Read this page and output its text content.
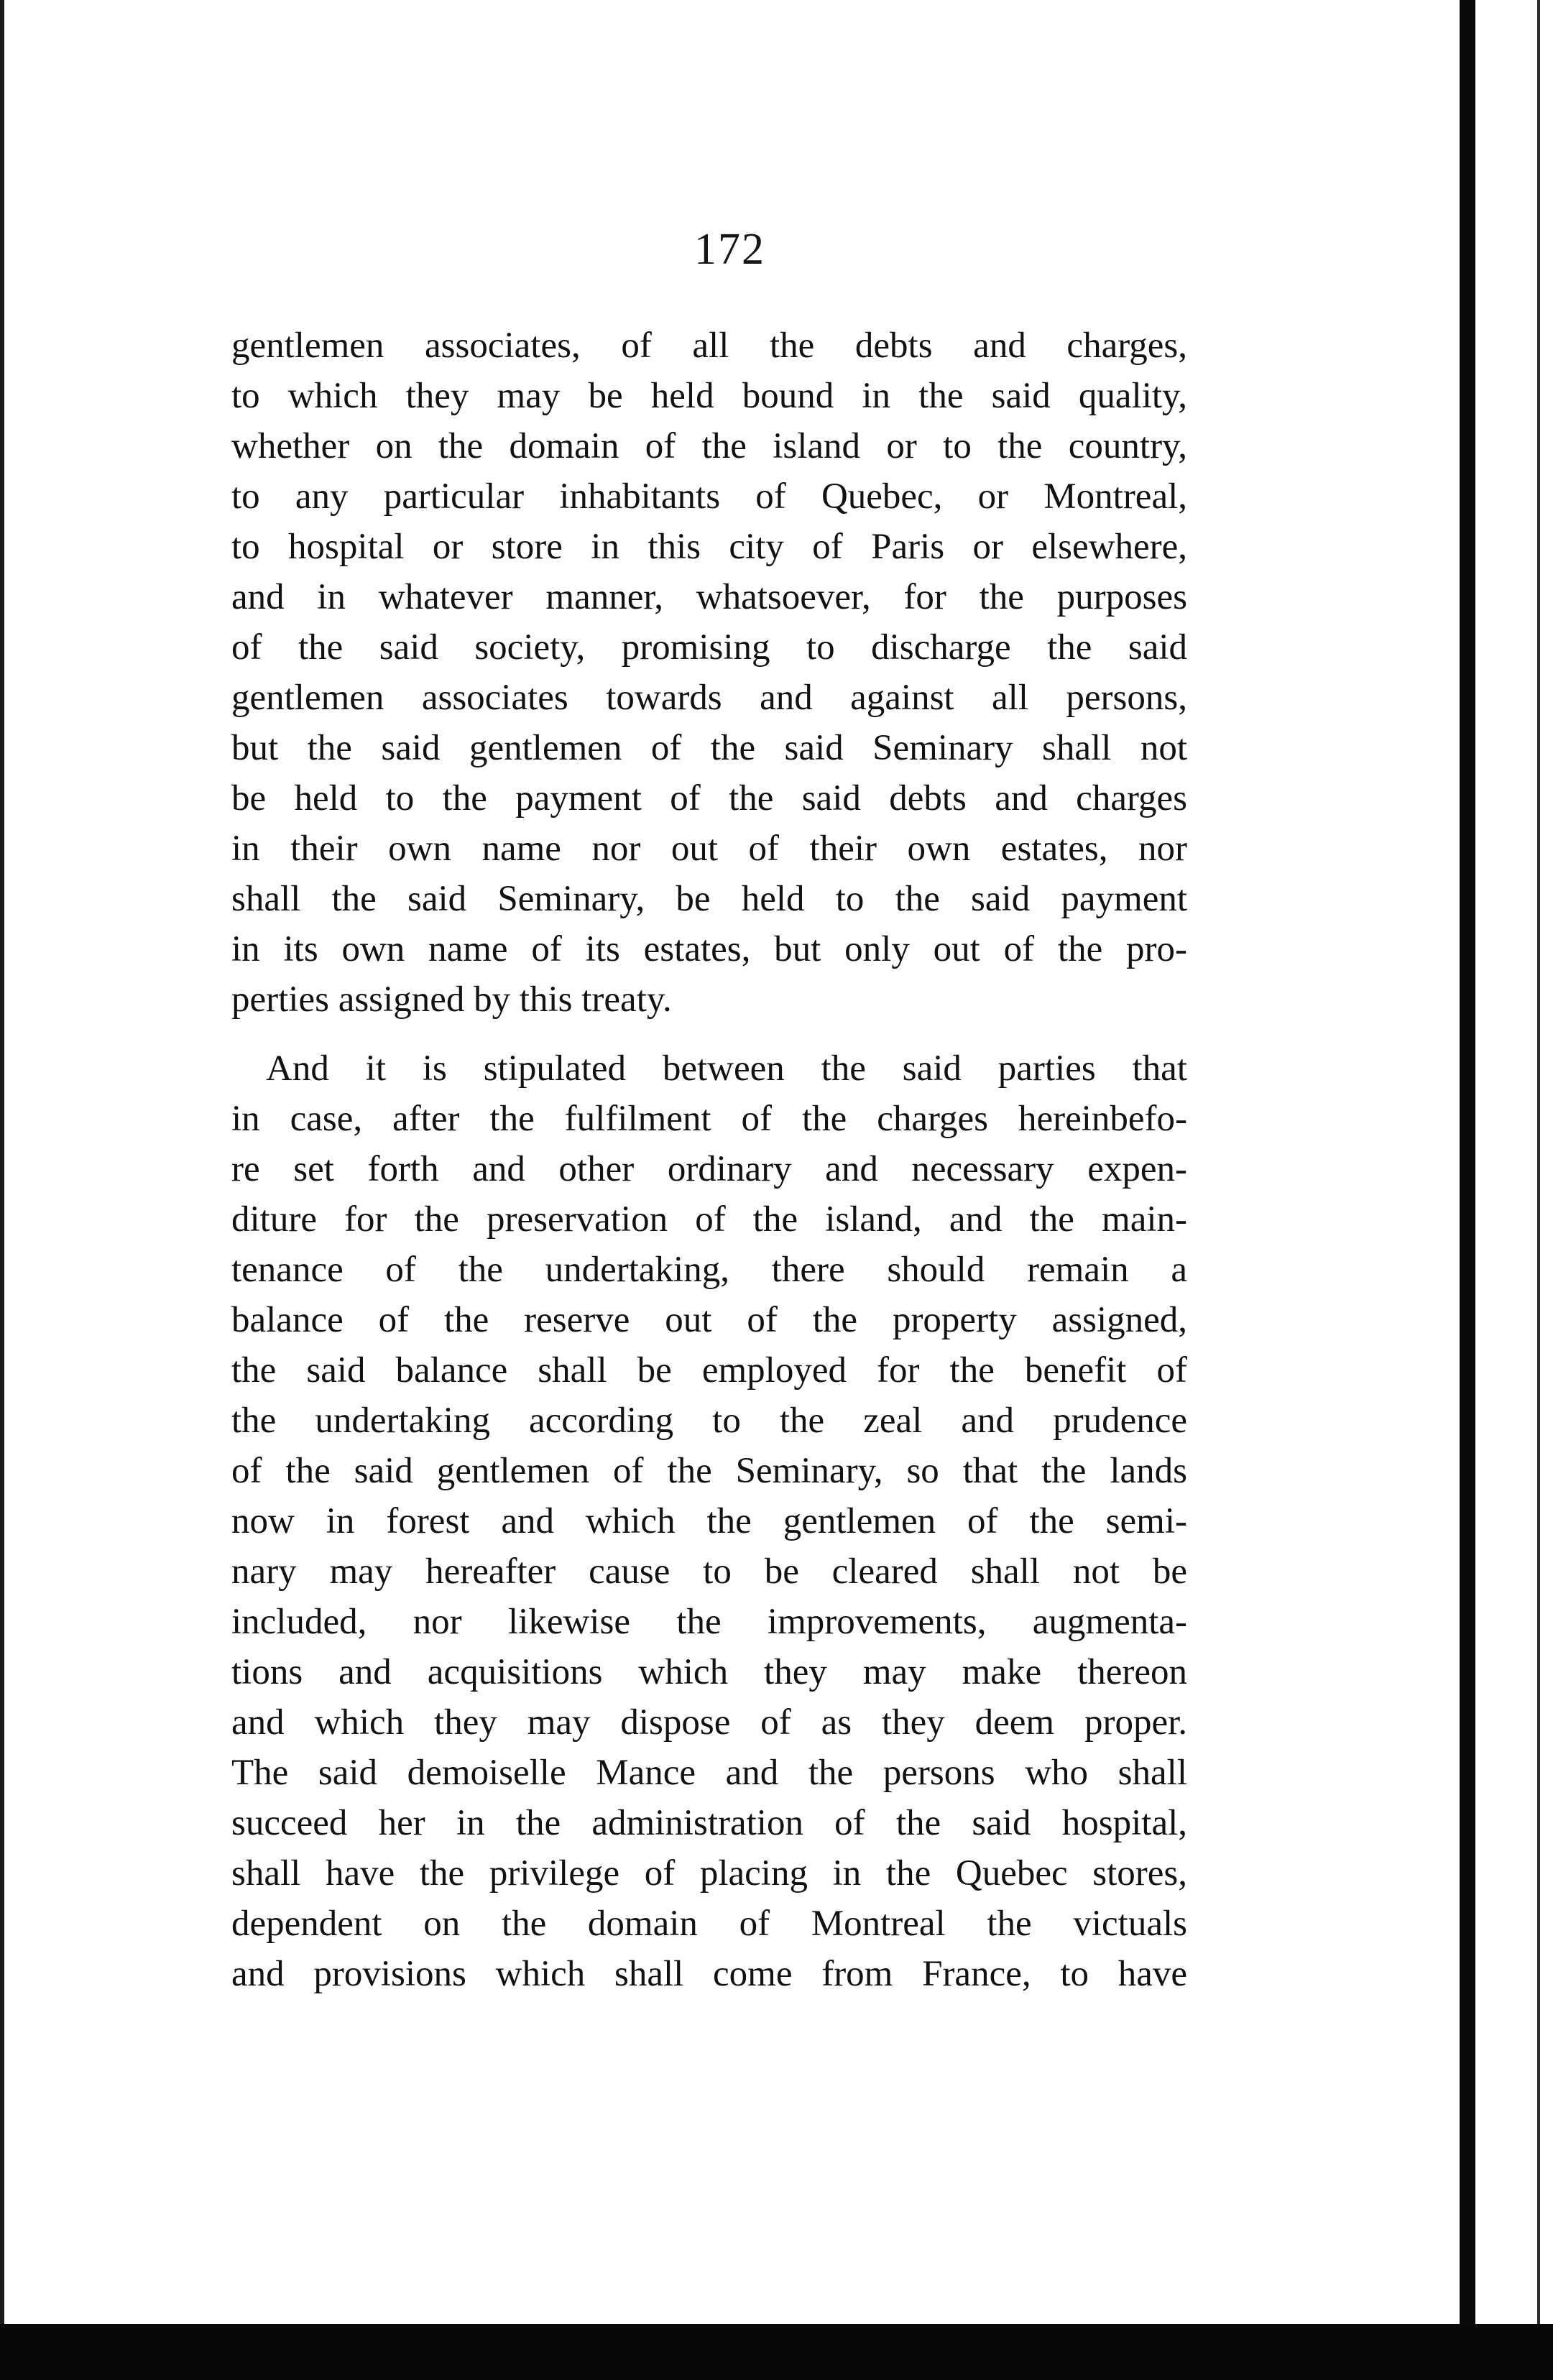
172
gentlemen associates, of all the debts and charges,
to which they may be held bound in the said quality,
whether on the domain of the island or to the country,
to any particular inhabitants of Quebec, or Montreal,
to hospital or store in this city of Paris or elsewhere,
and in whatever manner, whatsoever, for the purposes
of the said society, promising to discharge the said
gentlemen associates towards and against all persons,
but the said gentlemen of the said Seminary shall not
be held to the payment of the said debts and charges
in their own name nor out of their own estates, nor
shall the said Seminary, be held to the said payment
in its own name of its estates, but only out of the pro-
perties assigned by this treaty.
And it is stipulated between the said parties that
in case, after the fulfilment of the charges hereinbefo-
re set forth and other ordinary and necessary expen-
diture for the preservation of the island, and the main-
tenance of the undertaking, there should remain a
balance of the reserve out of the property assigned,
the said balance shall be employed for the benefit of
the undertaking according to the zeal and prudence
of the said gentlemen of the Seminary, so that the lands
now in forest and which the gentlemen of the semi-
nary may hereafter cause to be cleared shall not be
included, nor likewise the improvements, augmenta-
tions and acquisitions which they may make thereon
and which they may dispose of as they deem proper.
The said demoiselle Mance and the persons who shall
succeed her in the administration of the said hospital,
shall have the privilege of placing in the Quebec stores,
dependent on the domain of Montreal the victuals
and provisions which shall come from France, to have
